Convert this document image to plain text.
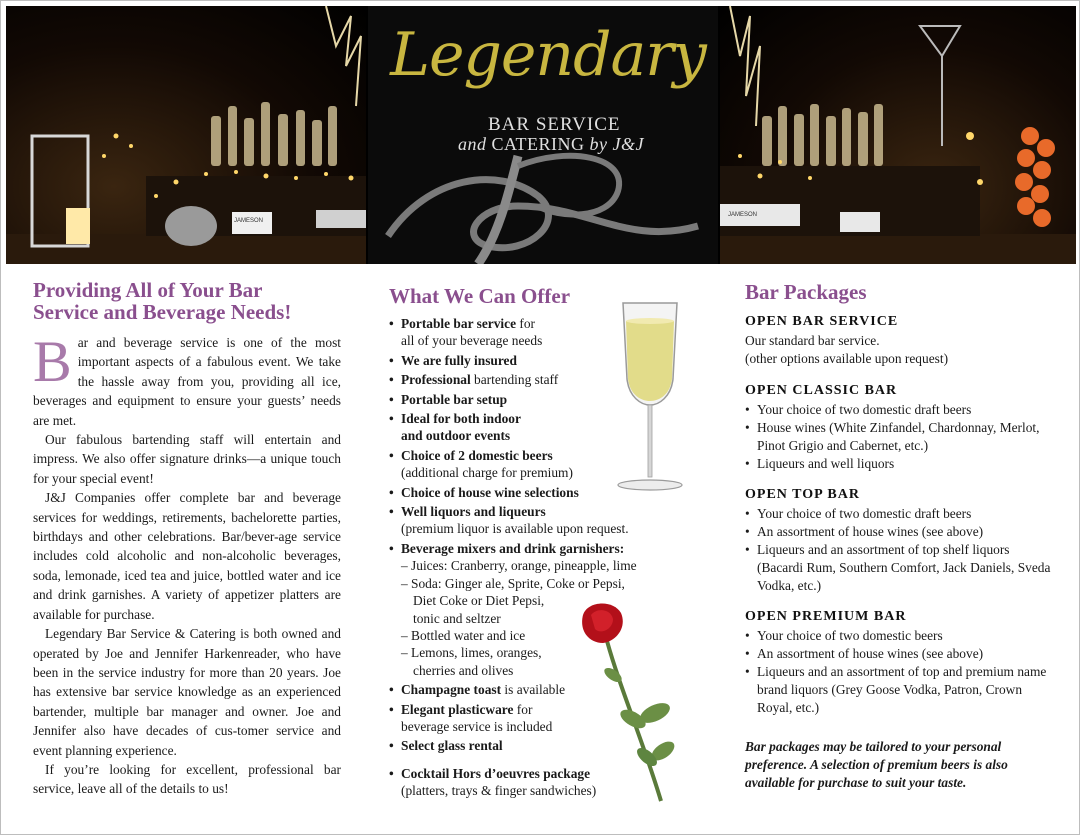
JAMESON
Legendary
BAR SERVICE
and CATERING by J&J
JAMESON
Providing All of Your Bar
Service and Beverage Needs!

Bar and beverage service is one of the most important aspects of a fabulous event. We take the hassle away from you, providing all ice, beverages and equipment to ensure your guests’ needs are met.

Our fabulous bartending staff will entertain and impress. We also offer signature drinks—a unique touch for your special event!

J&J Companies offer complete bar and beverage services for weddings, retirements, bachelorette parties, birthdays and other celebrations. Bar/bever-age service includes cold alcoholic and non-alcoholic beverages, soda, lemonade, iced tea and juice, bottled water and ice and drink garnishes. A variety of appetizer platters are available for purchase.

Legendary Bar Service & Catering is both owned and operated by Joe and Jennifer Harkenreader, who have been in the service industry for more than 20 years. Joe has extensive bar service knowledge as an experienced bartender, multiple bar manager and owner. Joe and Jennifer also have decades of cus-tomer service and event planning experience.

If you’re looking for excellent, professional bar service, leave all of the details to us!

What We Can Offer
• Portable bar service for
all of your beverage needs
• We are fully insured
• Professional bartending staff
• Portable bar setup
• Ideal for both indoor
and outdoor events
• Choice of 2 domestic beers
(additional charge for premium)
• Choice of house wine selections
• Well liquors and liqueurs
(premium liquor is available upon request.
• Beverage mixers and drink garnishers:
– Juices: Cranberry, orange, pineapple, lime
– Soda: Ginger ale, Sprite, Coke or Pepsi,
Diet Coke or Diet Pepsi,
tonic and seltzer
– Bottled water and ice
– Lemons, limes, oranges,
cherries and olives
• Champagne toast is available
• Elegant plasticware for
beverage service is included
• Select glass rental
• Cocktail Hors d’oeuvres package
(platters, trays & finger sandwiches)
Bar Packages

OPEN BAR SERVICE

Our standard bar service.

(other options available upon request)

OPEN CLASSIC BAR

• Your choice of two domestic draft beers
• House wines (White Zinfandel, Chardonnay, Merlot, Pinot Grigio and Cabernet, etc.)
• Liqueurs and well liquors

OPEN TOP BAR

• Your choice of two domestic draft beers
• An assortment of house wines (see above)
• Liqueurs and an assortment of top shelf liquors (Bacardi Rum, Southern Comfort, Jack Daniels, Sveda Vodka, etc.)

OPEN PREMIUM BAR

• Your choice of two domestic beers
• An assortment of house wines (see above)
• Liqueurs and an assortment of top and premium name brand liquors (Grey Goose Vodka, Patron, Crown Royal, etc.)

Bar packages may be tailored to your personal preference. A selection of premium beers is also available for purchase to suit your taste.
